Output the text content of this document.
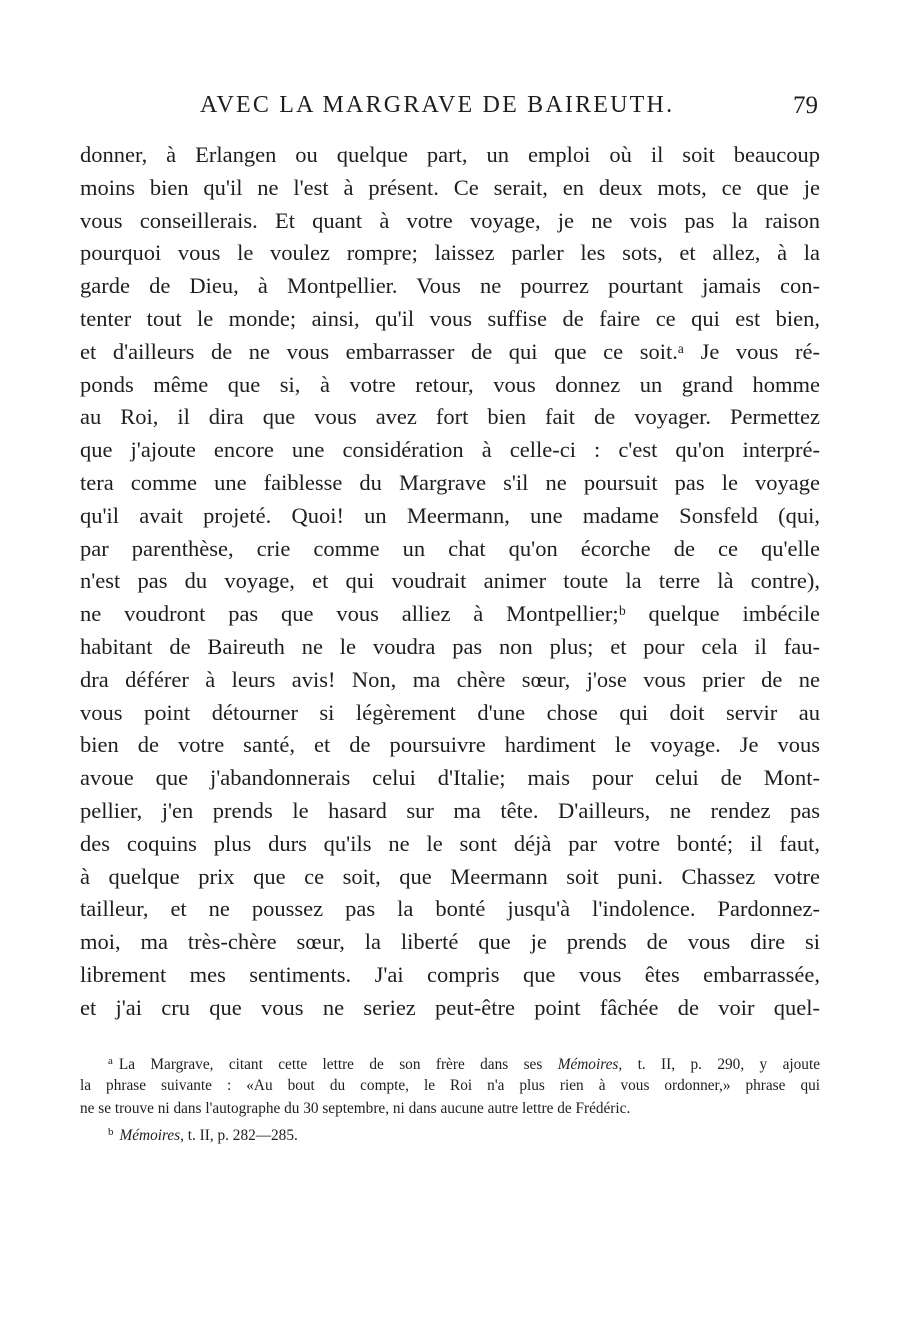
AVEC LA MARGRAVE DE BAIREUTH.	79
donner, à Erlangen ou quelque part, un emploi où il soit beaucoup
moins bien qu'il ne l'est à présent. Ce serait, en deux mots, ce que je
vous conseillerais. Et quant à votre voyage, je ne vois pas la raison
pourquoi vous le voulez rompre; laissez parler les sots, et allez, à la
garde de Dieu, à Montpellier. Vous ne pourrez pourtant jamais con-
tenter tout le monde; ainsi, qu'il vous suffise de faire ce qui est bien,
et d'ailleurs de ne vous embarrasser de qui que ce soit.ᵃ Je vous ré-
ponds même que si, à votre retour, vous donnez un grand homme
au Roi, il dira que vous avez fort bien fait de voyager. Permettez
que j'ajoute encore une considération à celle-ci : c'est qu'on interpré-
tera comme une faiblesse du Margrave s'il ne poursuit pas le voyage
qu'il avait projeté. Quoi! un Meermann, une madame Sonsfeld (qui,
par parenthèse, crie comme un chat qu'on écorche de ce qu'elle
n'est pas du voyage, et qui voudrait animer toute la terre là contre),
ne voudront pas que vous alliez à Montpellier;ᵇ quelque imbécile
habitant de Baireuth ne le voudra pas non plus; et pour cela il fau-
dra déférer à leurs avis! Non, ma chère sœur, j'ose vous prier de ne
vous point détourner si légèrement d'une chose qui doit servir au
bien de votre santé, et de poursuivre hardiment le voyage. Je vous
avoue que j'abandonnerais celui d'Italie; mais pour celui de Mont-
pellier, j'en prends le hasard sur ma tête. D'ailleurs, ne rendez pas
des coquins plus durs qu'ils ne le sont déjà par votre bonté; il faut,
à quelque prix que ce soit, que Meermann soit puni. Chassez votre
tailleur, et ne poussez pas la bonté jusqu'à l'indolence. Pardonnez-
moi, ma très-chère sœur, la liberté que je prends de vous dire si
librement mes sentiments. J'ai compris que vous êtes embarrassée,
et j'ai cru que vous ne seriez peut-être point fâchée de voir quel-
$^a$ La Margrave, citant cette lettre de son frère dans ses Mémoires, t. II, p. 290, y ajoute
la phrase suivante : «Au bout du compte, le Roi n'a plus rien à vous ordonner,» phrase qui
ne se trouve ni dans l'autographe du 30 septembre, ni dans aucune autre lettre de Frédéric.
$^b$ Mémoires, t. II, p. 282—285.
